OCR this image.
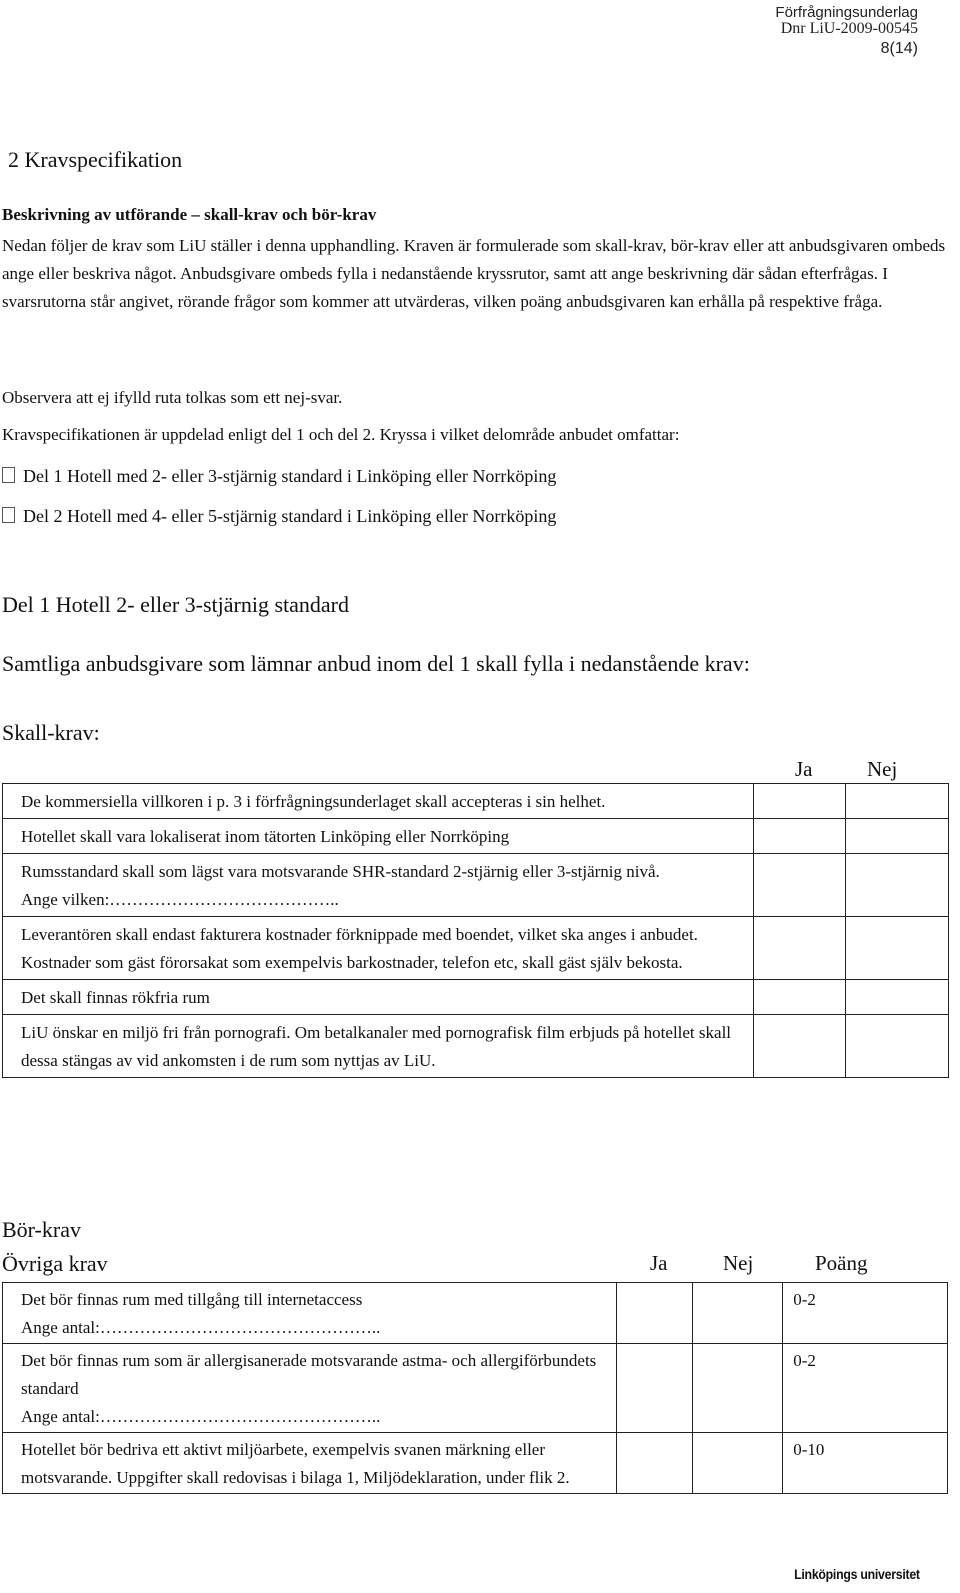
Förfrågningsunderlag
Dnr LiU-2009-00545
8(14)
2 Kravspecifikation
Beskrivning av utförande – skall-krav och bör-krav
Nedan följer de krav som LiU ställer i denna upphandling. Kraven är formulerade som skall-krav, bör-krav eller att anbudsgivaren ombeds ange eller beskriva något. Anbudsgivare ombeds fylla i nedanstående kryssrutor, samt att ange beskrivning där sådan efterfrågas. I svarsrutorna står angivet, rörande frågor som kommer att utvärderas, vilken poäng anbudsgivaren kan erhålla på respektive fråga.
Observera att ej ifylld ruta tolkas som ett nej-svar.
Kravspecifikationen är uppdelad enligt del 1 och del 2. Kryssa i vilket delområde anbudet omfattar:
Del 1 Hotell med 2- eller 3-stjärnig standard i Linköping eller Norrköping
Del 2 Hotell med 4- eller 5-stjärnig standard i Linköping eller Norrköping
Del 1 Hotell 2- eller 3-stjärnig standard
Samtliga anbudsgivare som lämnar anbud inom del 1 skall fylla i nedanstående krav:
Skall-krav:
Ja	Nej
De kommersiella villkoren i p. 3 i förfrågningsunderlaget skall accepteras i sin helhet.		
Hotellet skall vara lokaliserat inom tätorten Linköping eller Norrköping		

Rumsstandard skall som lägst vara motsvarande SHR-standard 2-stjärnig eller 3-stjärnig nivå.
Ange vilken:…………………………………..		

Leverantören skall endast fakturera kostnader förknippade med boendet, vilket ska anges i anbudet. Kostnader som gäst förorsakat som exempelvis barkostnader, telefon etc, skall gäst själv bekosta.		
Det skall finnas rökfria rum		
LiU önskar en miljö fri från pornografi. Om betalkanaler med pornografisk film erbjuds på hotellet skall dessa stängas av vid ankomsten i de rum som nyttjas av LiU.		
Bör-krav
Övriga krav	Ja	Nej	Poäng
Det bör finnas rum med tillgång till internetaccess
Ange antal:…………………………………………..			0-2

Det bör finnas rum som är allergisanerade motsvarande astma- och allergiförbundets standard
Ange antal:…………………………………………..			0-2
Hotellet bör bedriva ett aktivt miljöarbete, exempelvis svanen märkning eller motsvarande. Uppgifter skall redovisas i bilaga 1, Miljödeklaration, under flik 2.			0-10
Linköpings universitet
